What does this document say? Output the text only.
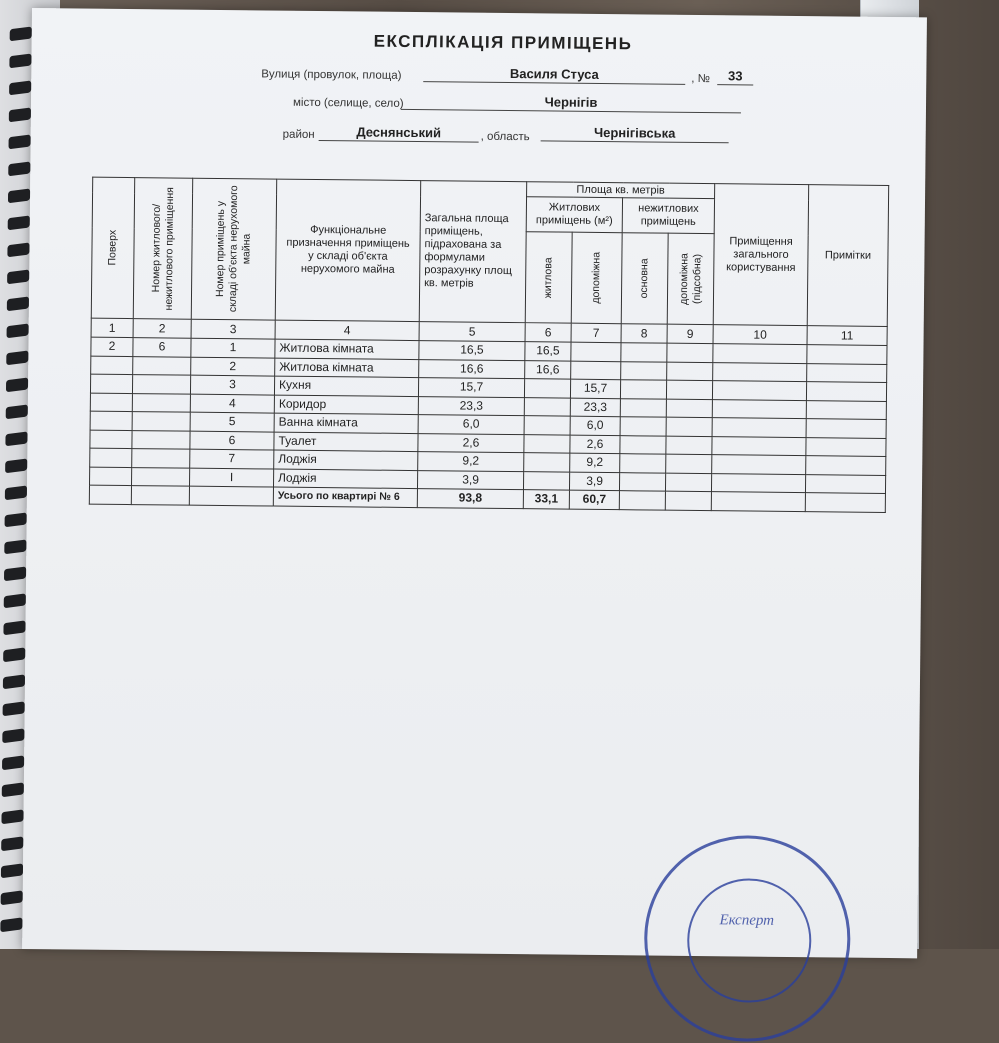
ЕКСПЛІКАЦІЯ ПРИМІЩЕНЬ
Вулиця (провулок, площа)	Василя Стуса	, №	33
місто (селище, село)	Чернігів
район	Деснянський	, область	Чернігівська
Поверх	Номер житлового/нежитлового приміщення	Номер приміщень у складі об'єкта нерухомого майна	Функціональне призначення приміщень у складі об'єкта нерухомого майна	Загальна площа приміщень, підрахована за формулами розрахунку площ кв. метрів	Площа кв. метрів				Приміщення загального користування	Примітки
					Житлових приміщень (м²)		нежитлових приміщень			

					житлова	допоміжна	основна	допоміжна (підсобна)		

1	2	3	4	5	6	7	8	9	10	11
2	6	1	Житлова кімната	16,5	16,5					
		2	Житлова кімната	16,6	16,6					
		3	Кухня	15,7		15,7				
		4	Коридор	23,3		23,3				
		5	Ванна кімната	6,0		6,0				
		6	Туалет	2,6		2,6				
		7	Лоджія	9,2		9,2				
		І	Лоджія	3,9		3,9				
			Усього по квартирі № 6	93,8	33,1	60,7				
Експерт
